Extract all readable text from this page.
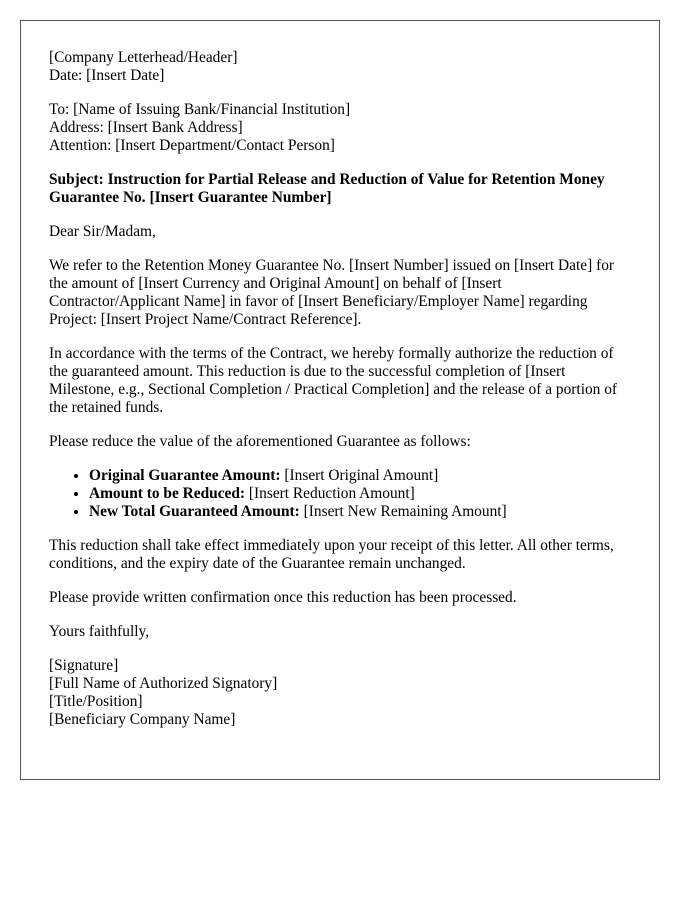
[Company Letterhead/Header]
Date: [Insert Date]
To: [Name of Issuing Bank/Financial Institution]
Address: [Insert Bank Address]
Attention: [Insert Department/Contact Person]

Subject: Instruction for Partial Release and Reduction of Value for Retention Money Guarantee No. [Insert Guarantee Number]

Dear Sir/Madam,

We refer to the Retention Money Guarantee No. [Insert Number] issued on [Insert Date] for the amount of [Insert Currency and Original Amount] on behalf of [Insert Contractor/Applicant Name] in favor of [Insert Beneficiary/Employer Name] regarding Project: [Insert Project Name/Contract Reference].

In accordance with the terms of the Contract, we hereby formally authorize the reduction of the guaranteed amount. This reduction is due to the successful completion of [Insert Milestone, e.g., Sectional Completion / Practical Completion] and the release of a portion of the retained funds.

Please reduce the value of the aforementioned Guarantee as follows:

• Original Guarantee Amount: [Insert Original Amount]
• Amount to be Reduced: [Insert Reduction Amount]
• New Total Guaranteed Amount: [Insert New Remaining Amount]

This reduction shall take effect immediately upon your receipt of this letter. All other terms, conditions, and the expiry date of the Guarantee remain unchanged.

Please provide written confirmation once this reduction has been processed.

Yours faithfully,

[Signature]
[Full Name of Authorized Signatory]
[Title/Position]
[Beneficiary Company Name]
